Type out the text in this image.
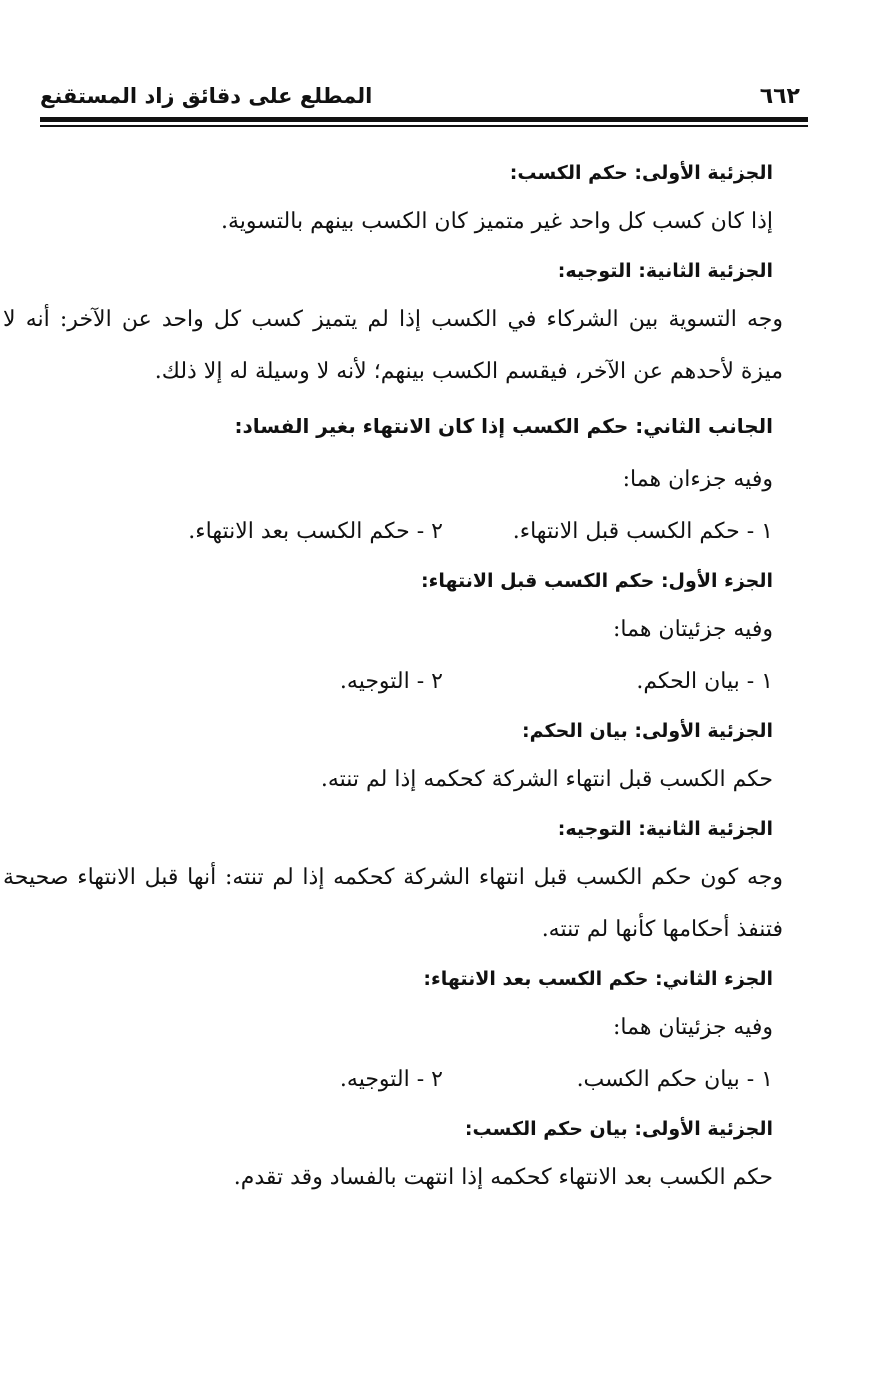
٦٦٢
المطلع على دقائق زاد المستقنع

الجزئية الأولى: حكم الكسب:

إذا كان كسب كل واحد غير متميز كان الكسب بينهم بالتسوية.

الجزئية الثانية: التوجيه:

وجه التسوية بين الشركاء في الكسب إذا لم يتميز كسب كل واحد عن الآخر: أنه لا ميزة لأحدهم عن الآخر، فيقسم الكسب بينهم؛ لأنه لا وسيلة له إلا ذلك.

الجانب الثاني: حكم الكسب إذا كان الانتهاء بغير الفساد:

وفيه جزءان هما:

١ - حكم الكسب قبل الانتهاء.
٢ - حكم الكسب بعد الانتهاء.

الجزء الأول: حكم الكسب قبل الانتهاء:

وفيه جزئيتان هما:

١ - بيان الحكم.
٢ - التوجيه.

الجزئية الأولى: بيان الحكم:

حكم الكسب قبل انتهاء الشركة كحكمه إذا لم تنته.

الجزئية الثانية: التوجيه:

وجه كون حكم الكسب قبل انتهاء الشركة كحكمه إذا لم تنته: أنها قبل الانتهاء صحيحة فتنفذ أحكامها كأنها لم تنته.

الجزء الثاني: حكم الكسب بعد الانتهاء:

وفيه جزئيتان هما:

١ - بيان حكم الكسب.
٢ - التوجيه.

الجزئية الأولى: بيان حكم الكسب:

حكم الكسب بعد الانتهاء كحكمه إذا انتهت بالفساد وقد تقدم.
